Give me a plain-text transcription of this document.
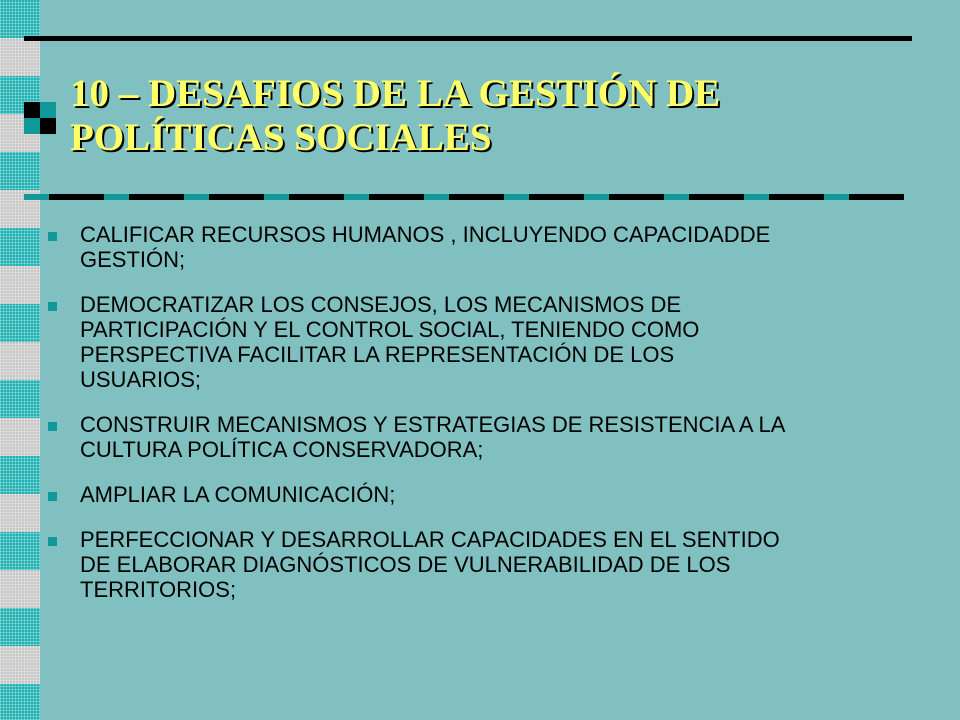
10 – DESAFIOS DE LA GESTIÓN DE
POLÍTICAS SOCIALES
CALIFICAR RECURSOS HUMANOS , INCLUYENDO CAPACIDADDE
GESTIÓN;
DEMOCRATIZAR LOS CONSEJOS, LOS MECANISMOS DE
PARTICIPACIÓN Y EL CONTROL SOCIAL, TENIENDO COMO
PERSPECTIVA FACILITAR LA REPRESENTACIÓN DE LOS
USUARIOS;
CONSTRUIR MECANISMOS Y ESTRATEGIAS DE RESISTENCIA A LA
CULTURA POLÍTICA CONSERVADORA;
AMPLIAR LA COMUNICACIÓN;
PERFECCIONAR Y DESARROLLAR CAPACIDADES EN EL SENTIDO
DE ELABORAR DIAGNÓSTICOS DE VULNERABILIDAD DE LOS
TERRITORIOS;
